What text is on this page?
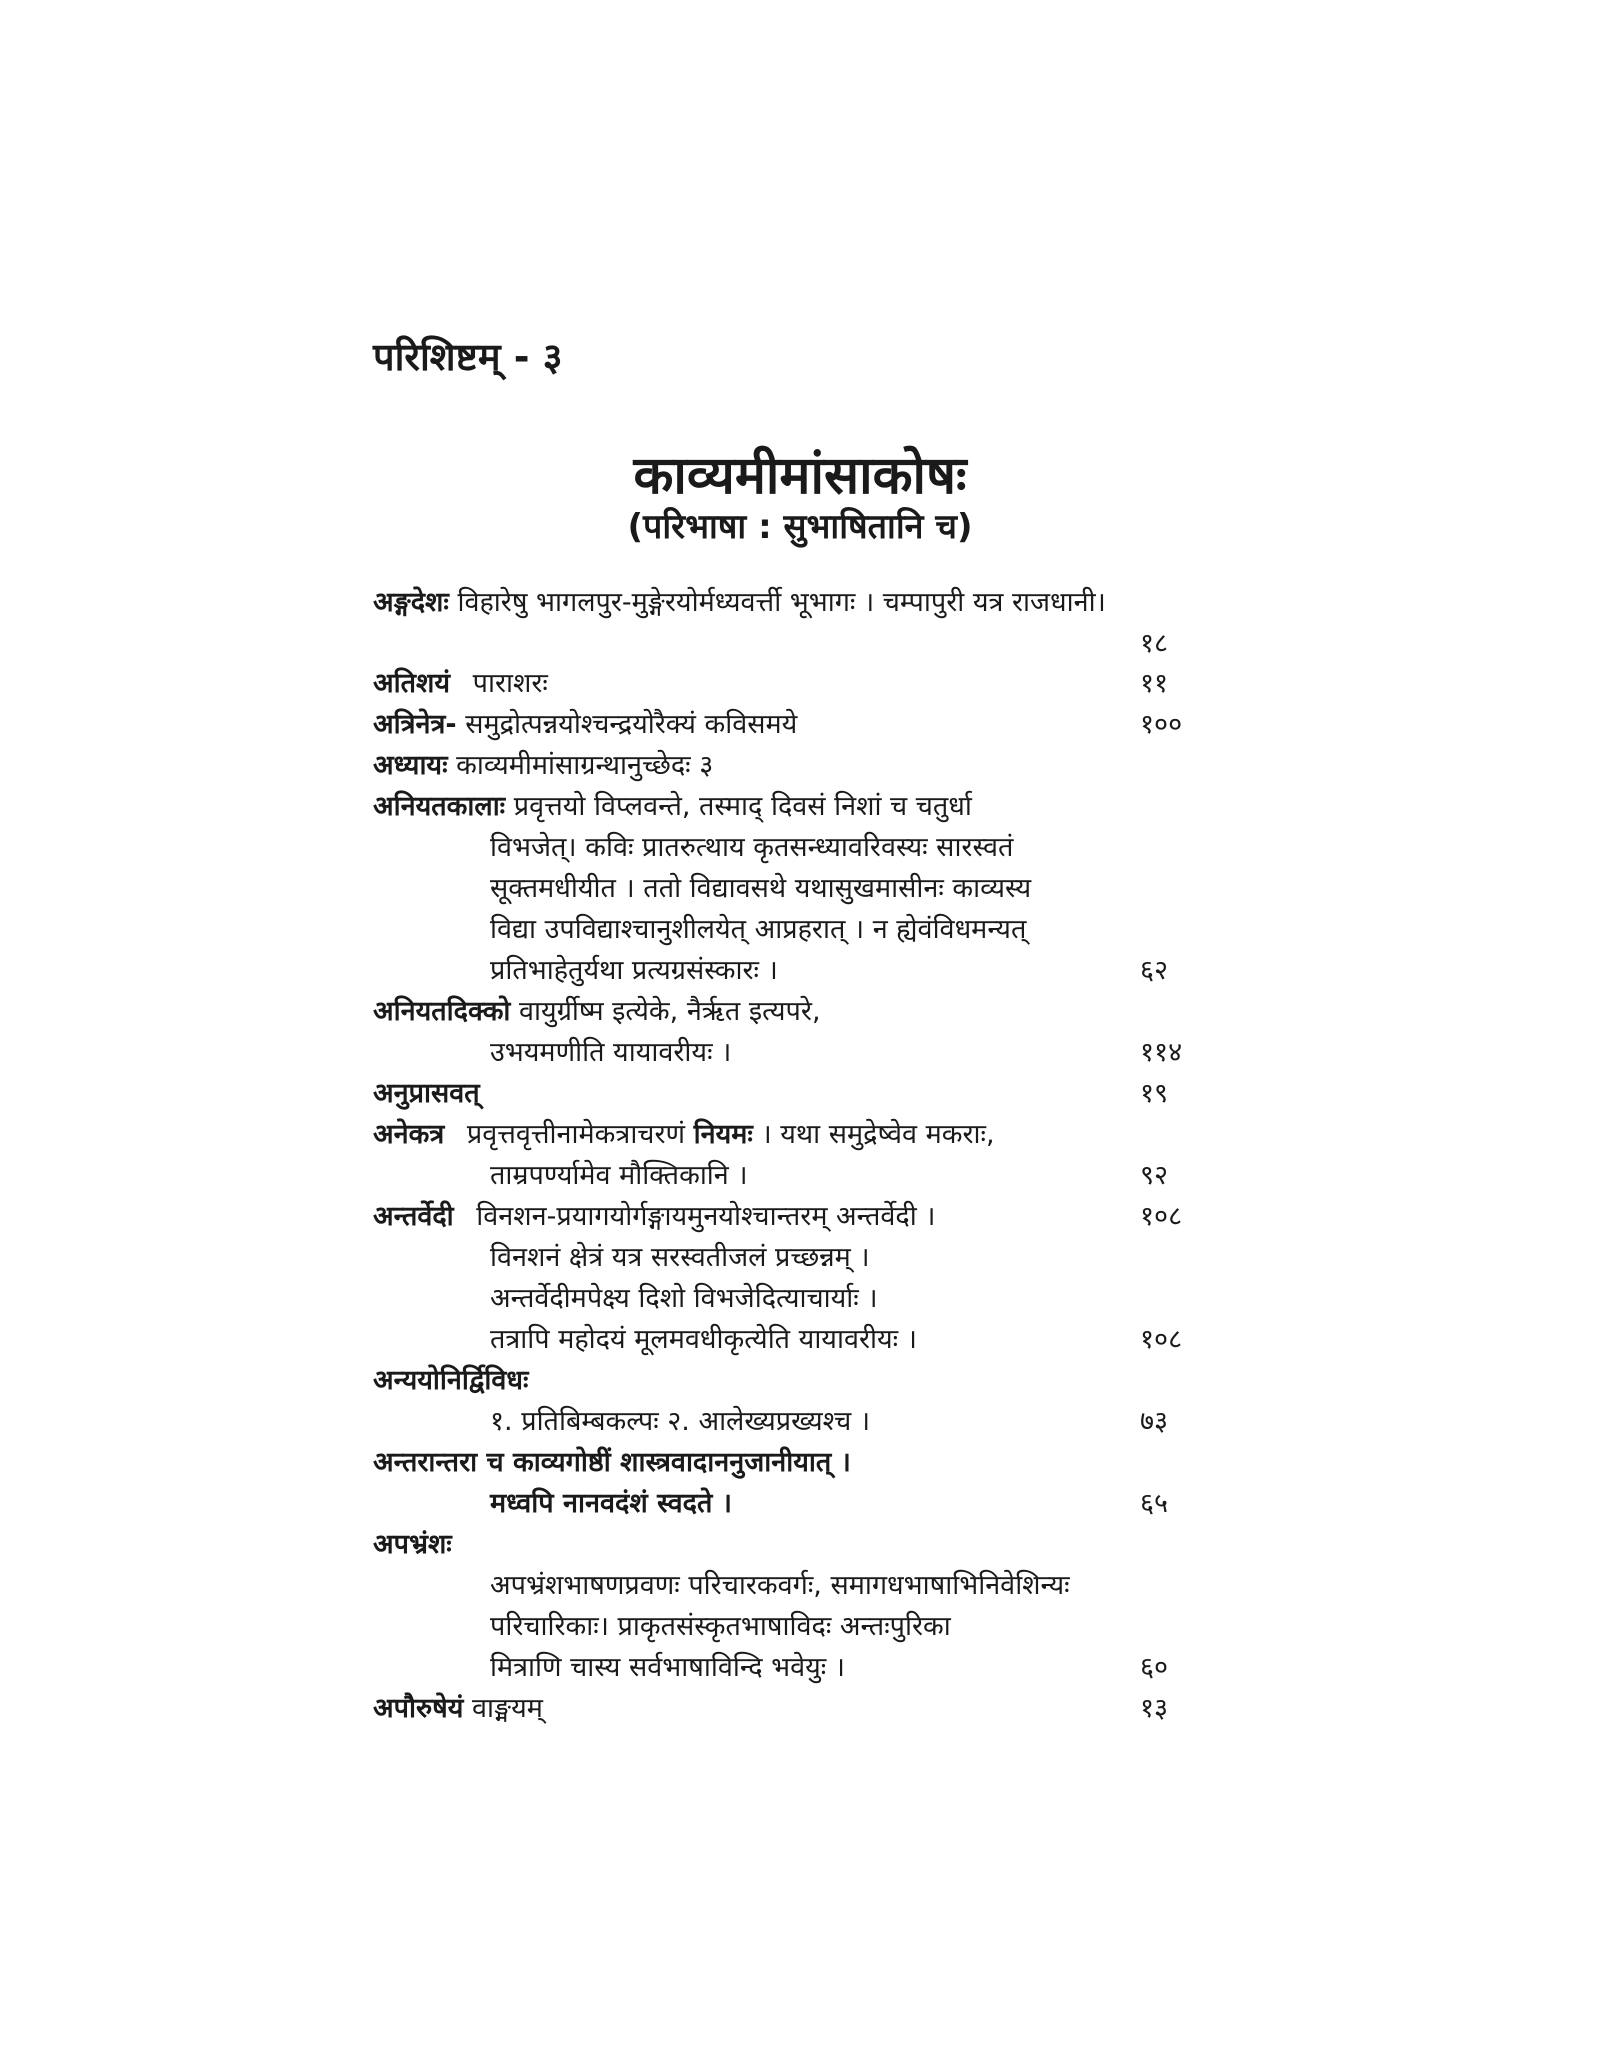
परिशिष्टम् - ३
काव्यमीमांसाकोषः
(परिभाषा : सुभाषितानि च)
अङ्गदेशः विहारेषु भागलपुर-मुङ्गेरयोर्मध्यवर्त्ती भूभागः । चम्पापुरी यत्र राजधानी।
१८
अतिशयं पाराशरः	११
अत्रिनेत्र- समुद्रोत्पन्नयोश्चन्द्रयोरैक्यं कविसमये	१००
अध्यायः काव्यमीमांसाग्रन्थानुच्छेदः ३
अनियतकालाः प्रवृत्तयो विप्लवन्ते, तस्माद् दिवसं निशां च चतुर्धा
विभजेत्। कविः प्रातरुत्थाय कृतसन्ध्यावरिवस्यः सारस्वतं
सूक्तमधीयीत । ततो विद्यावसथे यथासुखमासीनः काव्यस्य
विद्या उपविद्याश्चानुशीलयेत् आप्रहरात् । न ह्येवंविधमन्यत्
प्रतिभाहेतुर्यथा प्रत्यग्रसंस्कारः ।	६२
अनियतदिक्को वायुर्ग्रीष्म इत्येके, नैर्ऋत इत्यपरे,
उभयमणीति यायावरीयः ।	११४
अनुप्रासवत्	१९
अनेकत्र प्रवृत्तवृत्तीनामेकत्राचरणं नियमः । यथा समुद्रेष्वेव मकराः,
ताम्रपर्ण्यामेव मौक्तिकानि ।	९२
अन्तर्वेदी विनशन-प्रयागयोर्गङ्गायमुनयोश्चान्तरम् अन्तर्वेदी ।	१०८
विनशनं क्षेत्रं यत्र सरस्वतीजलं प्रच्छन्नम् ।
अन्तर्वेदीमपेक्ष्य दिशो विभजेदित्याचार्याः ।
तत्रापि महोदयं मूलमवधीकृत्येति यायावरीयः ।	१०८
अन्ययोनिर्द्विविधः
१. प्रतिबिम्बकल्पः २. आलेख्यप्रख्यश्च ।	७३
अन्तरान्तरा च काव्यगोष्ठीं शास्त्रवादाननुजानीयात् ।
मध्वपि नानवदंशं स्वदते ।	६५
अपभ्रंशः
अपभ्रंशभाषणप्रवणः परिचारकवर्गः, समागधभाषाभिनिवेशिन्यः
परिचारिकाः। प्राकृतसंस्कृतभाषाविदः अन्तःपुरिका
मित्राणि चास्य सर्वभाषाविन्दि भवेयुः ।	६०
अपौरुषेयं वाङ्मयम्	१३
